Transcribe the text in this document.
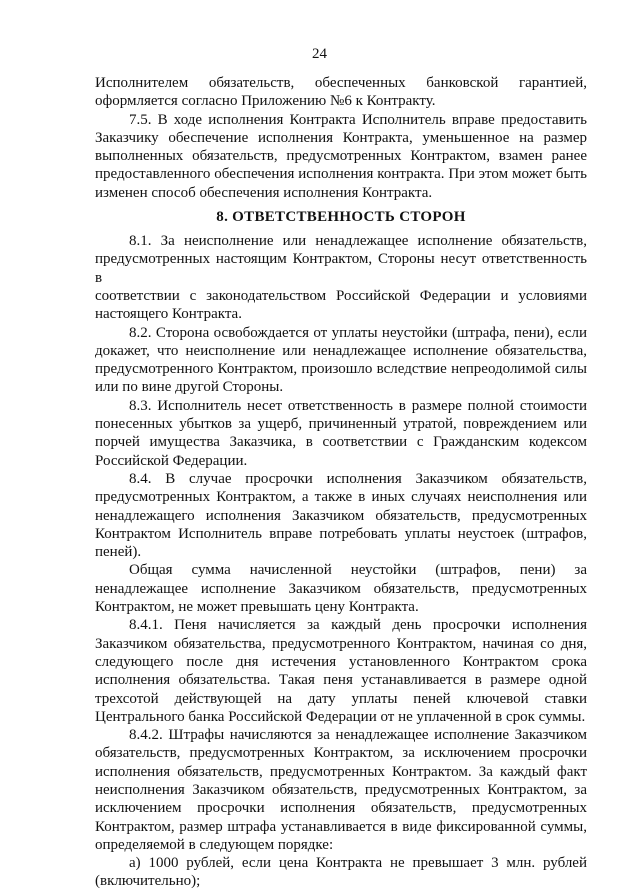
24
Исполнителем обязательств, обеспеченных банковской гарантией,
оформляется согласно Приложению №6 к Контракту.
7.5. В ходе исполнения Контракта Исполнитель вправе предоставить
Заказчику обеспечение исполнения Контракта, уменьшенное на размер
выполненных обязательств, предусмотренных Контрактом, взамен ранее
предоставленного обеспечения исполнения контракта. При этом может быть
изменен способ обеспечения исполнения Контракта.
8. ОТВЕТСТВЕННОСТЬ СТОРОН
8.1. За неисполнение или ненадлежащее исполнение обязательств,
предусмотренных настоящим Контрактом, Стороны несут ответственность в
соответствии с законодательством Российской Федерации и условиями
настоящего Контракта.
8.2. Сторона освобождается от уплаты неустойки (штрафа, пени), если
докажет, что неисполнение или ненадлежащее исполнение обязательства,
предусмотренного Контрактом, произошло вследствие непреодолимой силы
или по вине другой Стороны.
8.3. Исполнитель несет ответственность в размере полной стоимости
понесенных убытков за ущерб, причиненный утратой, повреждением или
порчей имущества Заказчика, в соответствии с Гражданским кодексом
Российской Федерации.
8.4. В случае просрочки исполнения Заказчиком обязательств,
предусмотренных Контрактом, а также в иных случаях неисполнения или
ненадлежащего исполнения Заказчиком обязательств, предусмотренных
Контрактом Исполнитель вправе потребовать уплаты неустоек (штрафов,
пеней).
Общая сумма начисленной неустойки (штрафов, пени) за
ненадлежащее исполнение Заказчиком обязательств, предусмотренных
Контрактом, не может превышать цену Контракта.
8.4.1. Пеня начисляется за каждый день просрочки исполнения
Заказчиком обязательства, предусмотренного Контрактом, начиная со дня,
следующего после дня истечения установленного Контрактом срока
исполнения обязательства. Такая пеня устанавливается в размере одной
трехсотой действующей на дату уплаты пеней ключевой ставки
Центрального банка Российской Федерации от не уплаченной в срок суммы.
8.4.2. Штрафы начисляются за ненадлежащее исполнение Заказчиком
обязательств, предусмотренных Контрактом, за исключением просрочки
исполнения обязательств, предусмотренных Контрактом. За каждый факт
неисполнения Заказчиком обязательств, предусмотренных Контрактом, за
исключением просрочки исполнения обязательств, предусмотренных
Контрактом, размер штрафа устанавливается в виде фиксированной суммы,
определяемой в следующем порядке:
а) 1000 рублей, если цена Контракта не превышает 3 млн. рублей
(включительно);
